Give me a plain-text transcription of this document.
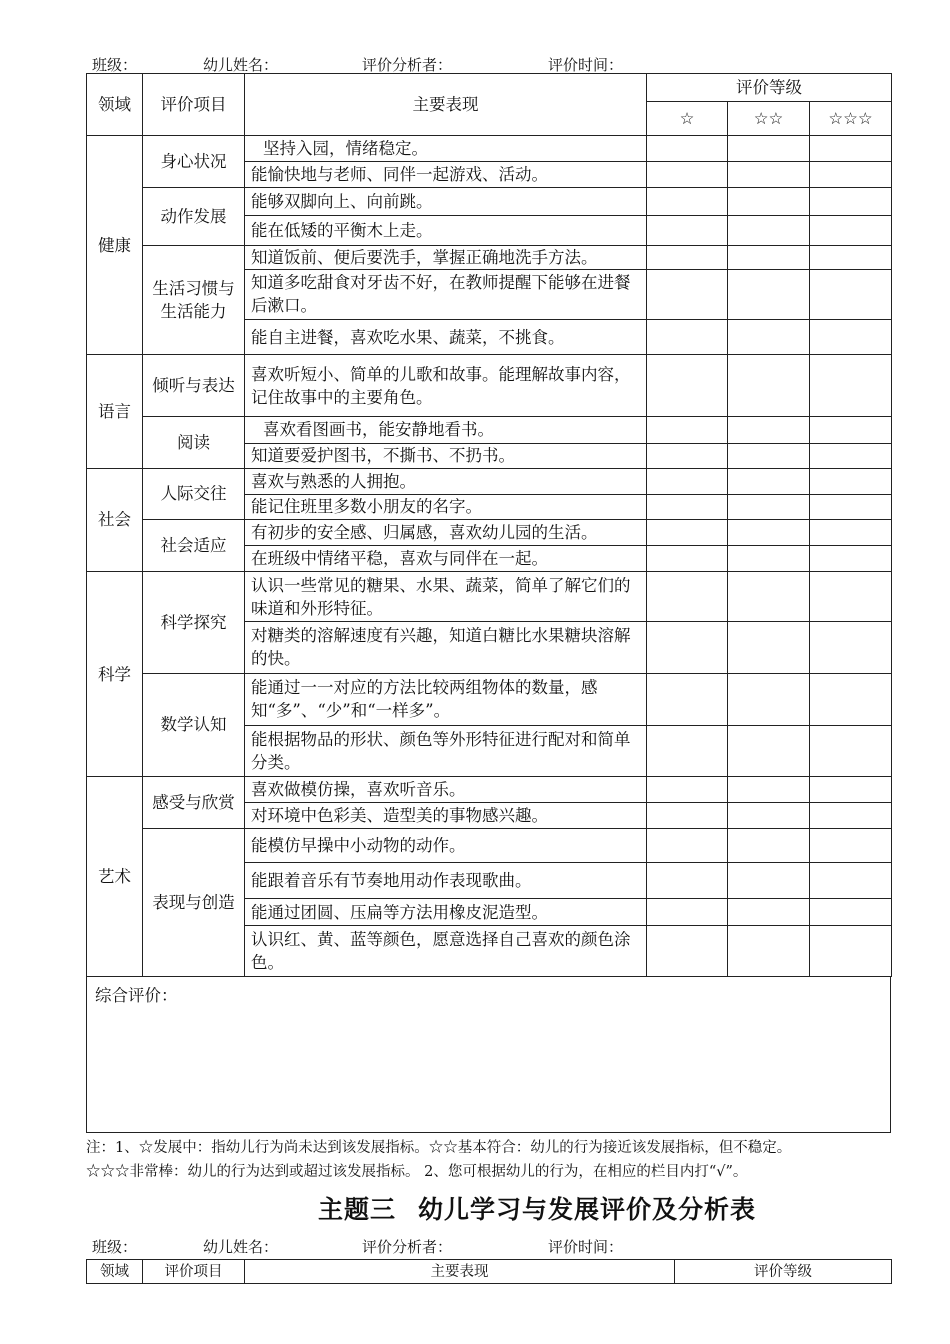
班级：	幼儿姓名：	评价分析者：	评价时间：
领域	评价项目	主要表现	评价等级		
			☆	☆☆	☆☆☆
健康	身心状况	坚持入园，情绪稳定。			
		能愉快地与老师、同伴一起游戏、活动。			
	动作发展	能够双脚向上、向前跳。			
		能在低矮的平衡木上走。			
	生活习惯与生活能力	知道饭前、便后要洗手，掌握正确地洗手方法。			
		知道多吃甜食对牙齿不好，在教师提醒下能够在进餐后漱口。			
		能自主进餐，喜欢吃水果、蔬菜，不挑食。			
语言	倾听与表达	喜欢听短小、简单的儿歌和故事。能理解故事内容，记住故事中的主要角色。			
	阅读	喜欢看图画书，能安静地看书。			
		知道要爱护图书，不撕书、不扔书。			
社会	人际交往	喜欢与熟悉的人拥抱。			
		能记住班里多数小朋友的名字。			
	社会适应	有初步的安全感、归属感，喜欢幼儿园的生活。			
		在班级中情绪平稳，喜欢与同伴在一起。			
科学	科学探究	认识一些常见的糖果、水果、蔬菜，简单了解它们的味道和外形特征。			
		对糖类的溶解速度有兴趣，知道白糖比水果糖块溶解的快。			
	数学认知	能通过一一对应的方法比较两组物体的数量，感知“多”、“少”和“一样多”。			
		能根据物品的形状、颜色等外形特征进行配对和简单分类。			
艺术	感受与欣赏	喜欢做模仿操，喜欢听音乐。			
		对环境中色彩美、造型美的事物感兴趣。			
	表现与创造	能模仿早操中小动物的动作。			
		能跟着音乐有节奏地用动作表现歌曲。			
		能通过团圆、压扁等方法用橡皮泥造型。			
		认识红、黄、蓝等颜色，愿意选择自己喜欢的颜色涂色。			
综合评价：
注：1、☆发展中：指幼儿行为尚未达到该发展指标。☆☆基本符合：幼儿的行为接近该发展指标，但不稳定。
☆☆☆非常棒：幼儿的行为达到或超过该发展指标。 2、您可根据幼儿的行为，在相应的栏目内打“√”。
主题三 幼儿学习与发展评价及分析表
班级：	幼儿姓名：	评价分析者：	评价时间：
领域	评价项目	主要表现	评价等级
